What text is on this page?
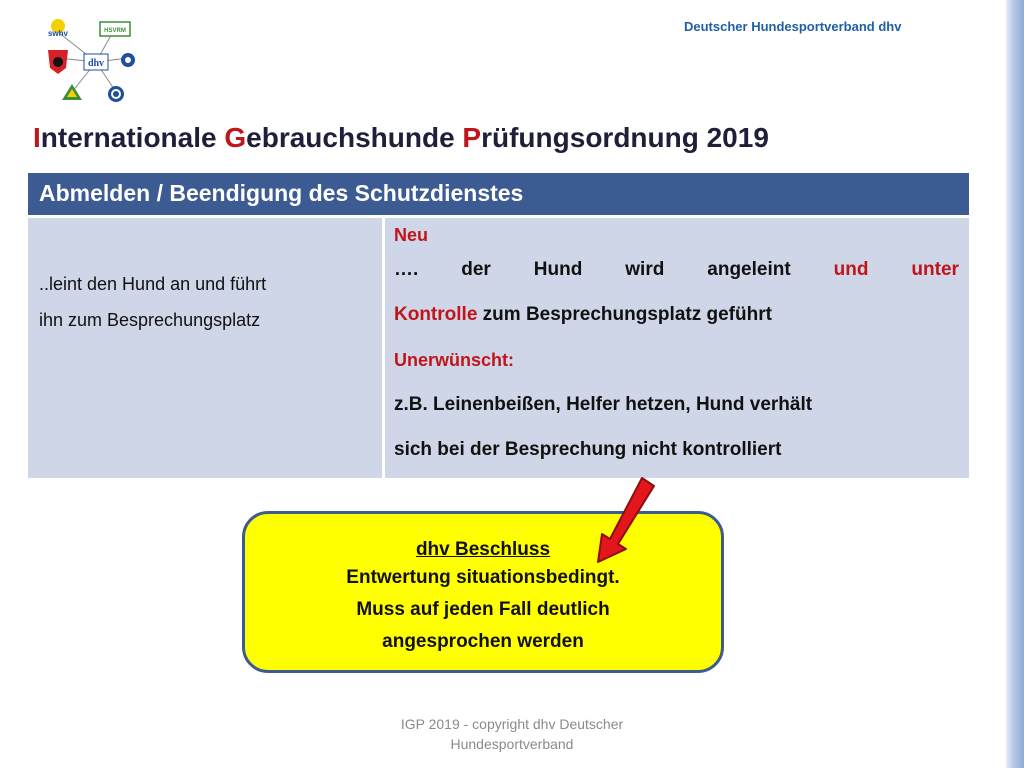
Deutscher Hundesportverband dhv
swhv	HSVRM
dhv
Internationale Gebrauchshunde Prüfungsordnung 2019
Abmelden / Beendigung des Schutzdienstes
..leint den Hund an und führt
ihn zum Besprechungsplatz
Neu
…. der Hund wird angeleint und unter
Kontrolle zum Besprechungsplatz geführt
Unerwünscht:
z.B. Leinenbeißen, Helfer hetzen, Hund verhält
sich bei der Besprechung nicht kontrolliert
dhv Beschluss
Entwertung situationsbedingt.
Muss auf jeden Fall deutlich
angesprochen werden
IGP 2019 - copyright dhv Deutscher
Hundesportverband
